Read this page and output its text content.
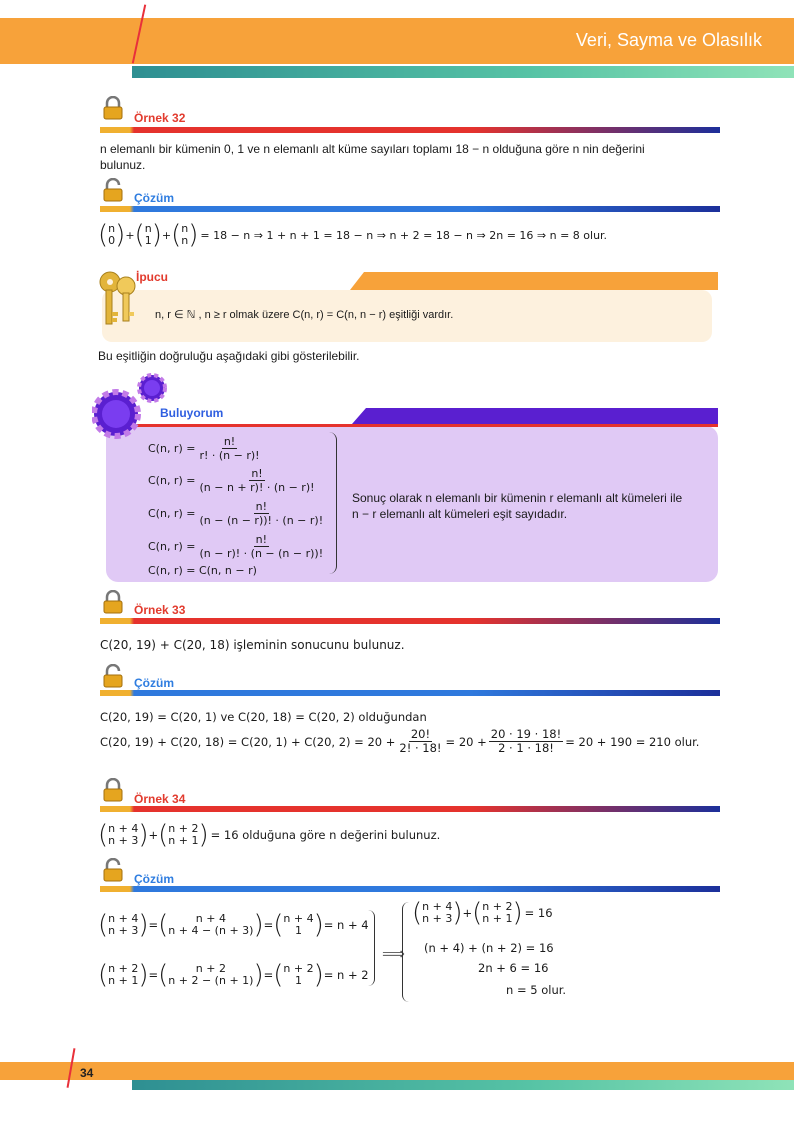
Veri, Sayma ve Olasılık
Örnek 32
n elemanlı bir kümenin 0, 1 ve n elemanlı alt küme sayıları toplamı 18 − n olduğuna göre n nin değerini
bulunuz.
Çözüm
( n
0 ) + ( n
1 ) + ( n
n ) = 18 − n ⇒ 1 + n + 1 = 18 − n ⇒ n + 2 = 18 − n ⇒ 2n = 16 ⇒ n = 8 olur.
İpucu
n, r ∈ ℕ , n ≥ r olmak üzere C(n, r) = C(n, n − r) eşitliği vardır.
Bu eşitliğin doğruluğu aşağıdaki gibi gösterilebilir.
Buluyorum
C(n, $r) = \frac{n!}{r! \cdot (n - r)!}$
C(n, $r) = \frac{n!}{(n - n + r)! \cdot (n - r)!}$
C(n, $r) = \frac{n!}{(n - (n - r))! \cdot (n - r)!}$
C(n, $r) = \frac{n!}{(n - r)! \cdot (n - (n - r))!}$
C(n, r) = C(n, n − r)
Sonuç olarak n elemanlı bir kümenin r elemanlı alt kümeleri ile
n − r elemanlı alt kümeleri eşit sayıdadır.
Örnek 33
C(20, 19) + C(20, 18) işleminin sonucunu bulunuz.
Çözüm
C(20, 19) = C(20, 1) ve C(20, 18) = C(20, 2) olduğundan
C(20, 19) + C(20, 18) = C(20, 1) + C(20, $2) = 20 + \frac{20!}{2! \cdot 18!} = 20 + \frac{20 \cdot 19 \cdot 18!}{2 \cdot 1 \cdot 18!} = 20 + 190 = 210$ olur.
Örnek 34
( n + 4
n + 3 ) + ( n + 2
n + 1 ) = 16 olduğuna göre n değerini bulunuz.
Çözüm
( n + 4
n + 3 ) = ( n + 4
n + 4 − (n + 3) ) = ( n + 4
1 ) = n + 4
( n + 2
n + 1 ) = ( n + 2
n + 2 − (n + 1) ) = ( n + 2
1 ) = n + 2
⟹
( n + 4
n + 3 ) + ( n + 2
n + 1 ) = 16
(n + 4) + (n + 2) = 16
2n + 6 = 16
n = 5 olur.
34
